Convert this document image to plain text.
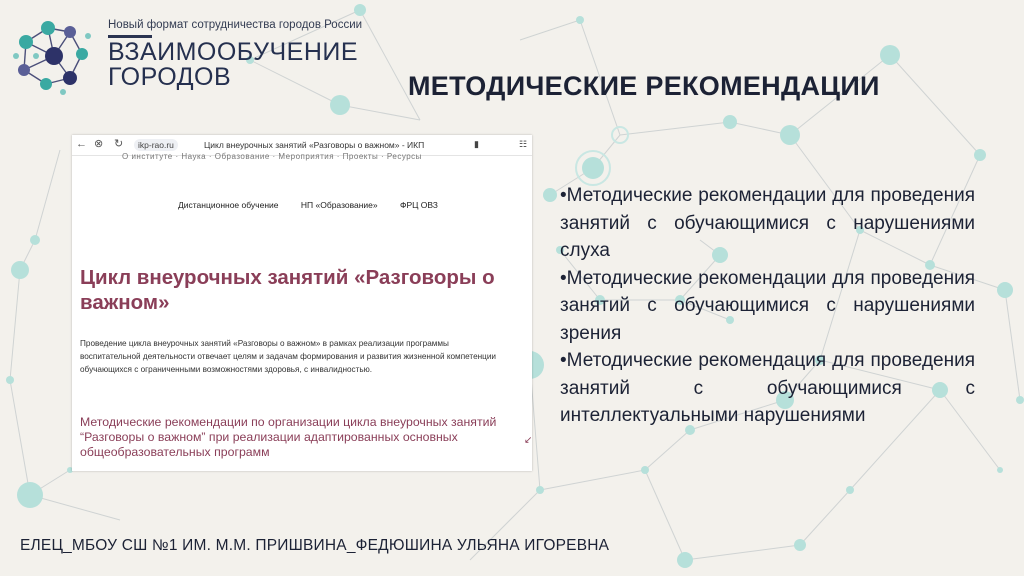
Новый формат сотрудничества городов России
ВЗАИМООБУЧЕНИЕ ГОРОДОВ	МЕТОДИЧЕСКИЕ РЕКОМЕНДАЦИИ
← ⊗ ↻	ikp-rao.ru	Цикл внеурочных занятий «Разговоры о важном» - ИКП	▮	☷
О институте · Наука · Образование · Мероприятия · Проекты · Ресурсы
Дистанционное обучение	НП «Образование»	ФРЦ ОВЗ
Цикл внеурочных занятий «Разговоры о важном»
Проведение цикла внеурочных занятий «Разговоры о важном» в рамках реализации программы воспитательной деятельности отвечает целям и задачам формирования и развития жизненной компетенции обучающихся с ограниченными возможностями здоровья, с инвалидностью.
Методические рекомендации по организации цикла внеурочных занятий “Разговоры о важном” при реализации адаптированных основных общеобразовательных программ
↙
•Методические рекомендации для проведения занятий с обучающимися с нарушениями слуха
•Методические рекомендации для проведения занятий с обучающимися с нарушениями зрения
•Методические рекомендация для проведения занятий с обучающимися с интеллектуальными нарушениями
ЕЛЕЦ_МБОУ СШ №1 ИМ. М.М. ПРИШВИНА_ФЕДЮШИНА УЛЬЯНА ИГОРЕВНА
